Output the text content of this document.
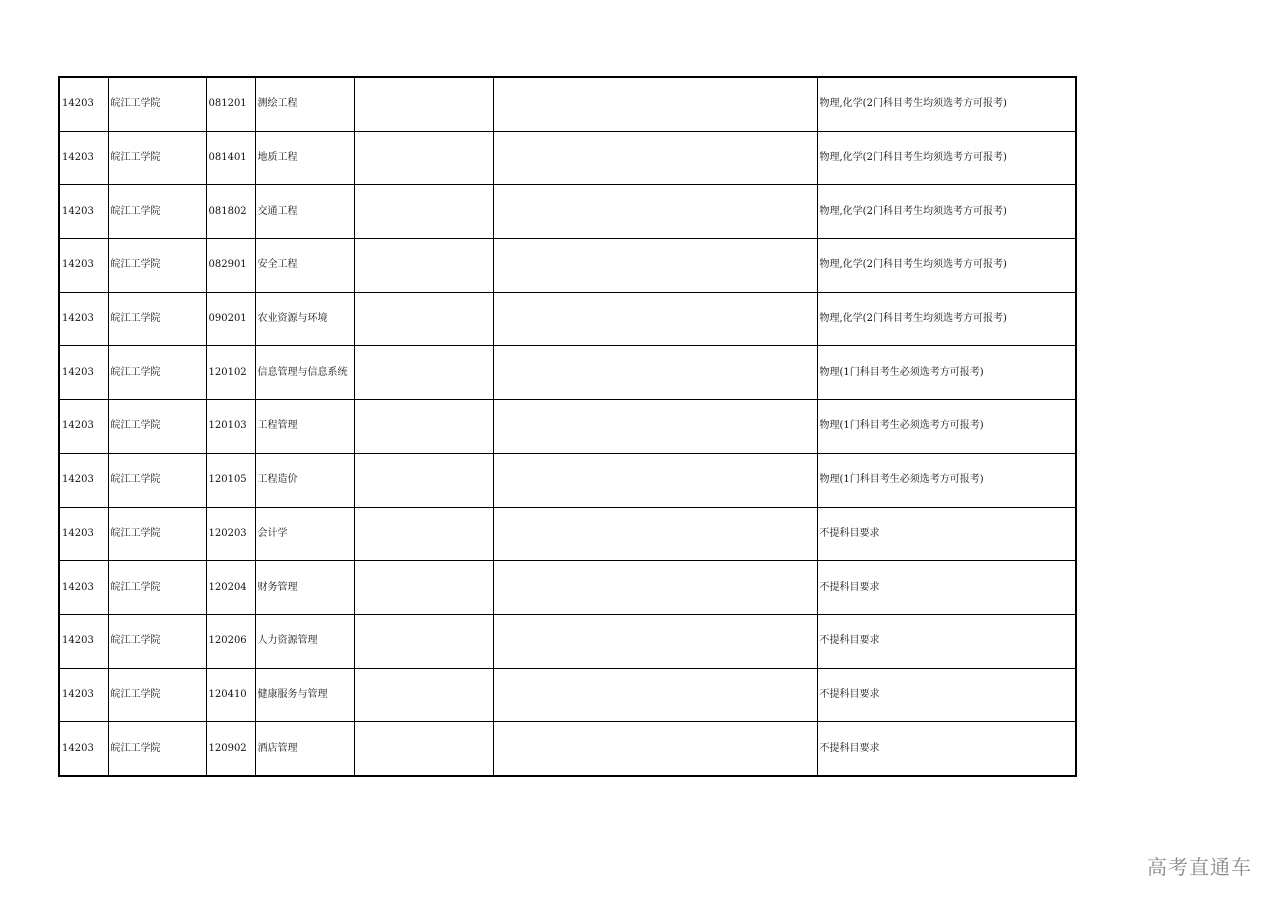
14203	皖江工学院	081201	测绘工程			物理,化学(2门科目考生均须选考方可报考)
14203	皖江工学院	081401	地质工程			物理,化学(2门科目考生均须选考方可报考)
14203	皖江工学院	081802	交通工程			物理,化学(2门科目考生均须选考方可报考)
14203	皖江工学院	082901	安全工程			物理,化学(2门科目考生均须选考方可报考)
14203	皖江工学院	090201	农业资源与环境			物理,化学(2门科目考生均须选考方可报考)
14203	皖江工学院	120102	信息管理与信息系统			物理(1门科目考生必须选考方可报考)
14203	皖江工学院	120103	工程管理			物理(1门科目考生必须选考方可报考)
14203	皖江工学院	120105	工程造价			物理(1门科目考生必须选考方可报考)
14203	皖江工学院	120203	会计学			不提科目要求
14203	皖江工学院	120204	财务管理			不提科目要求
14203	皖江工学院	120206	人力资源管理			不提科目要求
14203	皖江工学院	120410	健康服务与管理			不提科目要求
14203	皖江工学院	120902	酒店管理			不提科目要求
高考直通车
